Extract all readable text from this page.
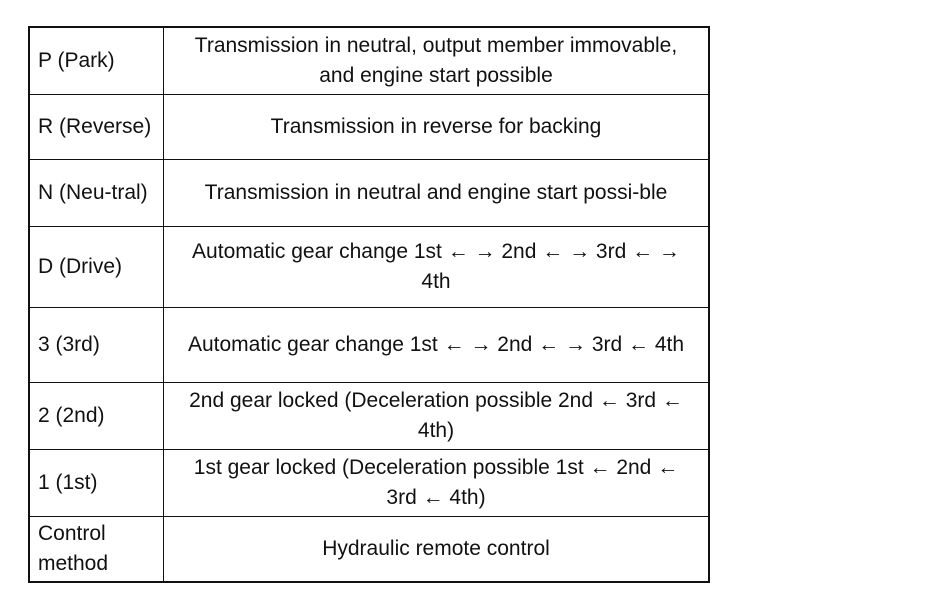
P (Park)	Transmission in neutral, output member immovable, and engine start possible
R (Reverse)	Transmission in reverse for backing
N (Neu-tral)	Transmission in neutral and engine start possi-ble
D (Drive)	Automatic gear change 1st ← → 2nd ← → 3rd ← → 4th
3 (3rd)	Automatic gear change 1st ← → 2nd ← → 3rd ← 4th
2 (2nd)	2nd gear locked (Deceleration possible 2nd ← 3rd ← 4th)
1 (1st)	1st gear locked (Deceleration possible 1st ← 2nd ← 3rd ← 4th)
Control method	Hydraulic remote control
